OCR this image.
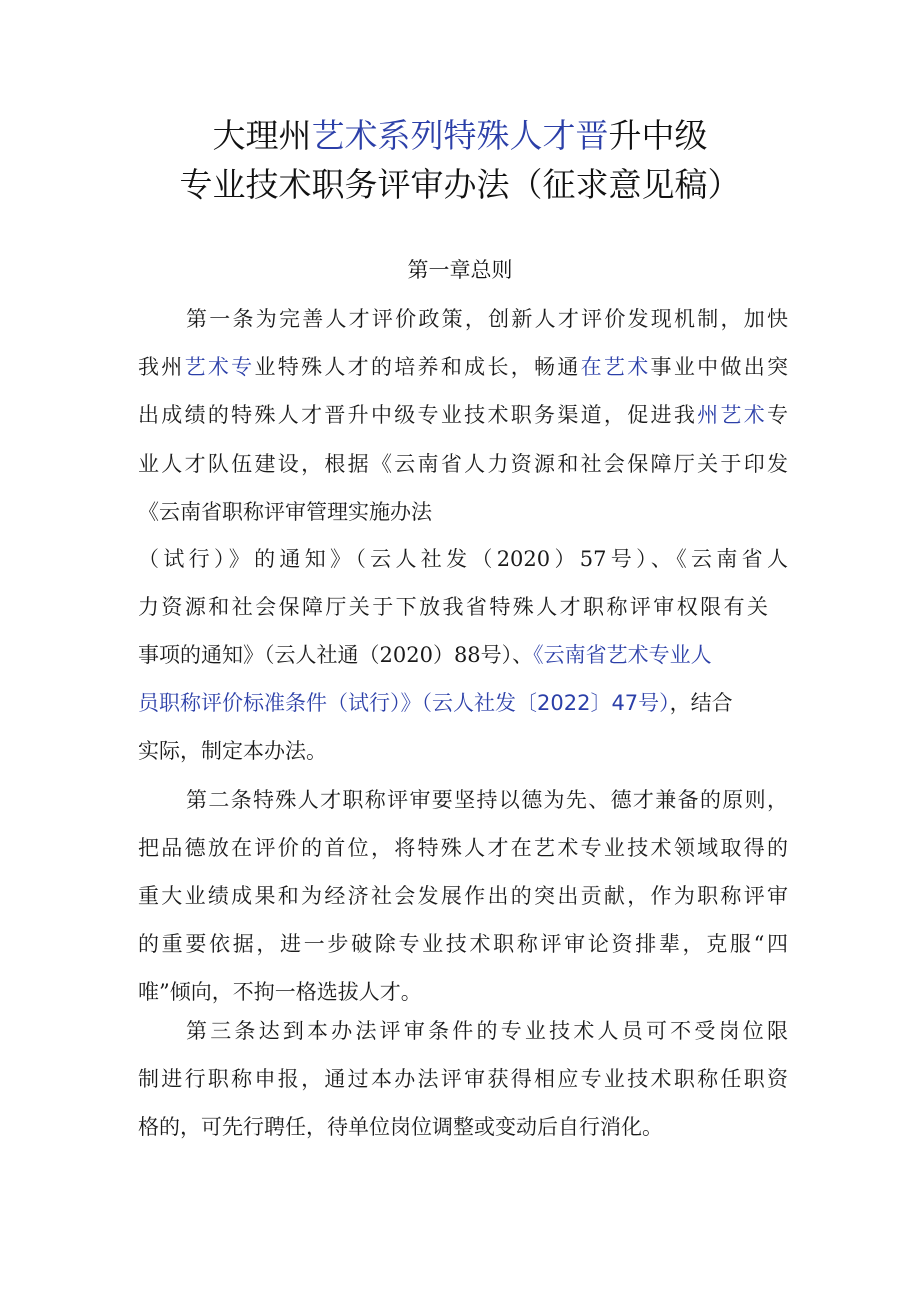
大理州艺术系列特殊人才晋升中级
专业技术职务评审办法（征求意见稿）
第一章总则
第一条为完善人才评价政策，创新人才评价发现机制，加快
我州艺术专业特殊人才的培养和成长，畅通在艺术事业中做出突
出成绩的特殊人才晋升中级专业技术职务渠道，促进我州艺术专
业人才队伍建设，根据《云南省人力资源和社会保障厅关于印发
《云南省职称评审管理实施办法
（试行）》的通知》（云人社发（2020）57号）、《云南省人
力资源和社会保障厅关于下放我省特殊人才职称评审权限有关
事项的通知》（云人社通（2020）88号）、《云南省艺术专业人
员职称评价标准条件（试行）》（云人社发〔2022〕47号），结合
实际，制定本办法。
第二条特殊人才职称评审要坚持以德为先、德才兼备的原则，
把品德放在评价的首位，将特殊人才在艺术专业技术领域取得的
重大业绩成果和为经济社会发展作出的突出贡献，作为职称评审
的重要依据，进一步破除专业技术职称评审论资排辈，克服“四
唯”倾向，不拘一格选拔人才。
第三条达到本办法评审条件的专业技术人员可不受岗位限
制进行职称申报，通过本办法评审获得相应专业技术职称任职资
格的，可先行聘任，待单位岗位调整或变动后自行消化。
